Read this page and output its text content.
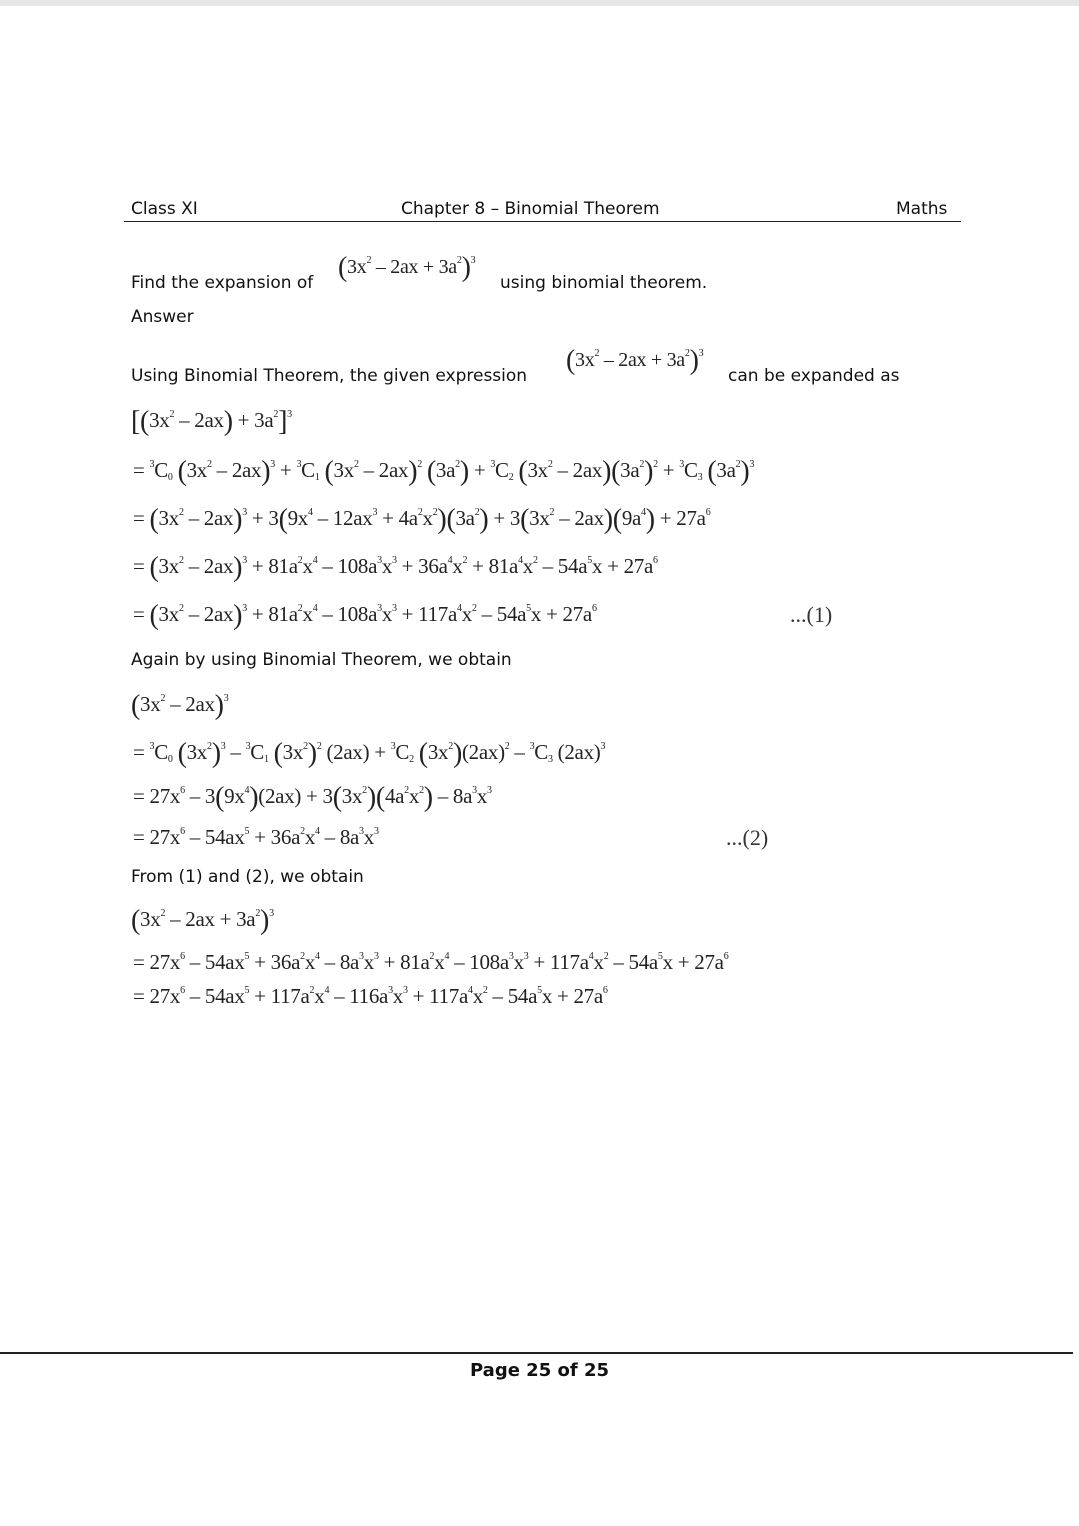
Class XI	Chapter 8 – Binomial Theorem	Maths
Find the expansion of $(3x^2 - 2ax + 3a^2)^3$
using binomial theorem.
Answer
Using Binomial Theorem, the given expression $(3x^2 - 2ax + 3a^2)^3$
can be expanded as
$[(3x^2 - 2ax) + 3a^2]^3$
= $^3C_0$ $(3x^2 - 2ax)^3 + ^3C_1$ $(3x^2 - 2ax)^2$ $(3a^2) + ^3C_2$ $(3x^2 - 2ax)(3a^2)^2 + ^3C_3$ $(3a^2)^3$
= $(3x^2 - 2ax)^3 + 3(9x^4 - 12ax^3 + 4a^2x^2)(3a^2) + 3(3x^2 - 2ax)(9a^4) + 27a^6$
= $(3x^2 - 2ax)^3 + 81a^2x^4 - 108a^3x^3 + 36a^4x^2 + 81a^4x^2 - 54a^5x + 27a^6$
= $(3x^2 - 2ax)^3 + 81a^2x^4 - 108a^3x^3 + 117a^4x^2 - 54a^5x + 27a^6$	...(1)
Again by using Binomial Theorem, we obtain
$(3x^2 - 2ax)^3$
= $^3C_0$ $(3x^2)^3 - ^3C_1$ $(3x^2)^2$ $(2ax) + ^3C_2$ $(3x^2)(2ax)^2 - ^3C_3$ $(2ax)^3$
= $27x^6 - 3(9x^4)(2ax) + 3(3x^2)(4a^2x^2) - 8a^3x^3$
= $27x^6 - 54ax^5 + 36a^2x^4 - 8a^3x^3$	...(2)
From (1) and (2), we obtain
$(3x^2 - 2ax + 3a^2)^3$
= $27x^6 - 54ax^5 + 36a^2x^4 - 8a^3x^3 + 81a^2x^4 - 108a^3x^3 + 117a^4x^2 - 54a^5x + 27a^6$
= $27x^6 - 54ax^5 + 117a^2x^4 - 116a^3x^3 + 117a^4x^2 - 54a^5x + 27a^6$
Page 25 of 25
